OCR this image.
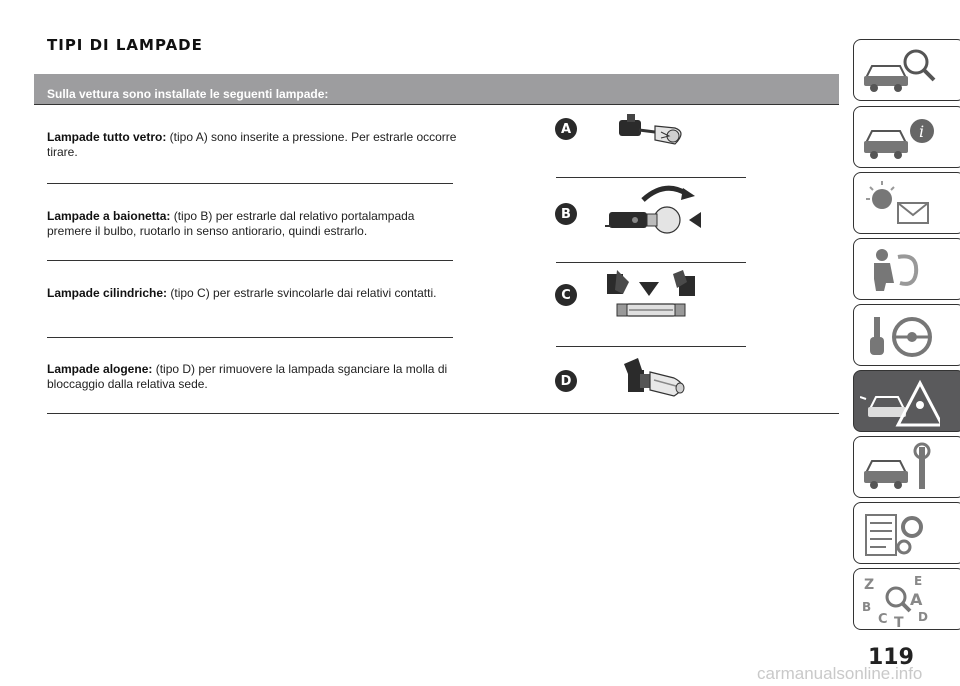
TIPI DI LAMPADE
Sulla vettura sono installate le seguenti lampade:
Lampade tutto vetro: (tipo A) sono inserite a pressione. Per estrarle occorre tirare.
Lampade a baionetta: (tipo B) per estrarle dal relativo portalampada premere il bulbo, ruotarlo in senso antiorario, quindi estrarlo.
Lampade cilindriche: (tipo C) per estrarle svincolarle dai relativi contatti.
Lampade alogene: (tipo D) per rimuovere la lampada sganciare la molla di bloccaggio dalla relativa sede.
A
B
C
D
i
Z	E
B A
C T D
119
carmanualsonline.info
